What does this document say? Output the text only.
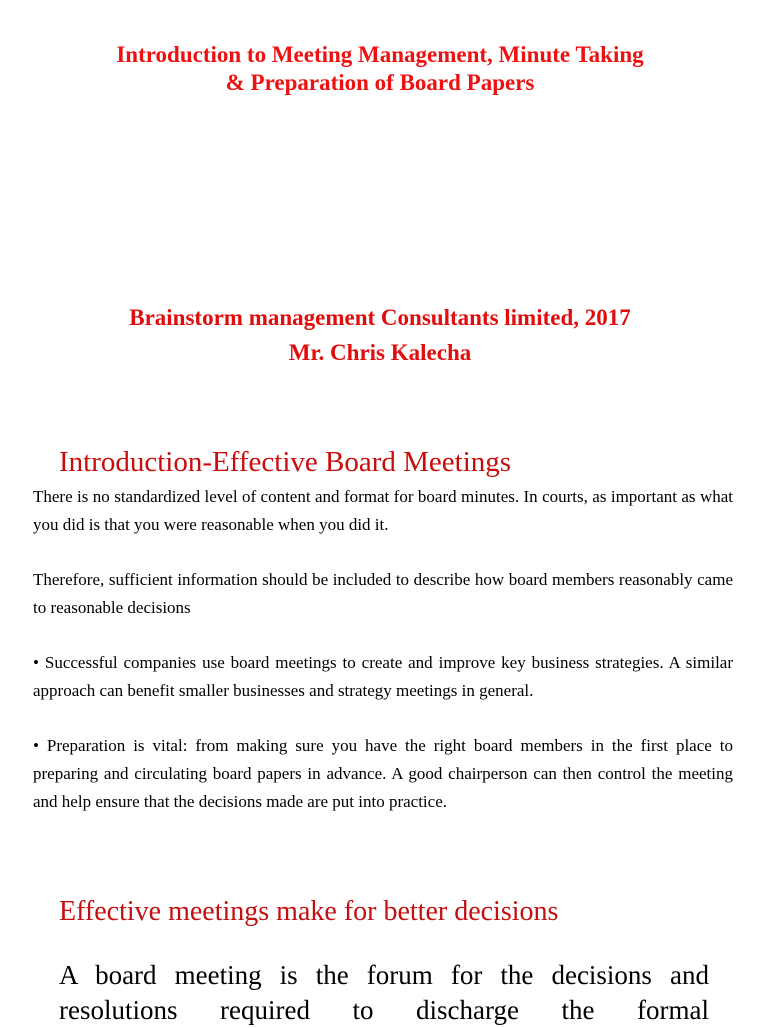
Introduction to Meeting Management, Minute Taking
& Preparation of Board Papers
Brainstorm management Consultants limited, 2017
Mr. Chris Kalecha
Introduction-Effective Board Meetings
There is no standardized level of content and format for board minutes. In courts, as important as what you did is that you were reasonable when you did it.
Therefore, sufficient information should be included to describe how board members reasonably came to reasonable decisions
• Successful companies use board meetings to create and improve key business strategies. A similar approach can benefit smaller businesses and strategy meetings in general.
• Preparation is vital: from making sure you have the right board members in the first place to preparing and circulating board papers in advance. A good chairperson can then control the meeting and help ensure that the decisions made are put into practice.
Effective meetings make for better decisions
A board meeting is the forum for the decisions and resolutions required to discharge the formal
